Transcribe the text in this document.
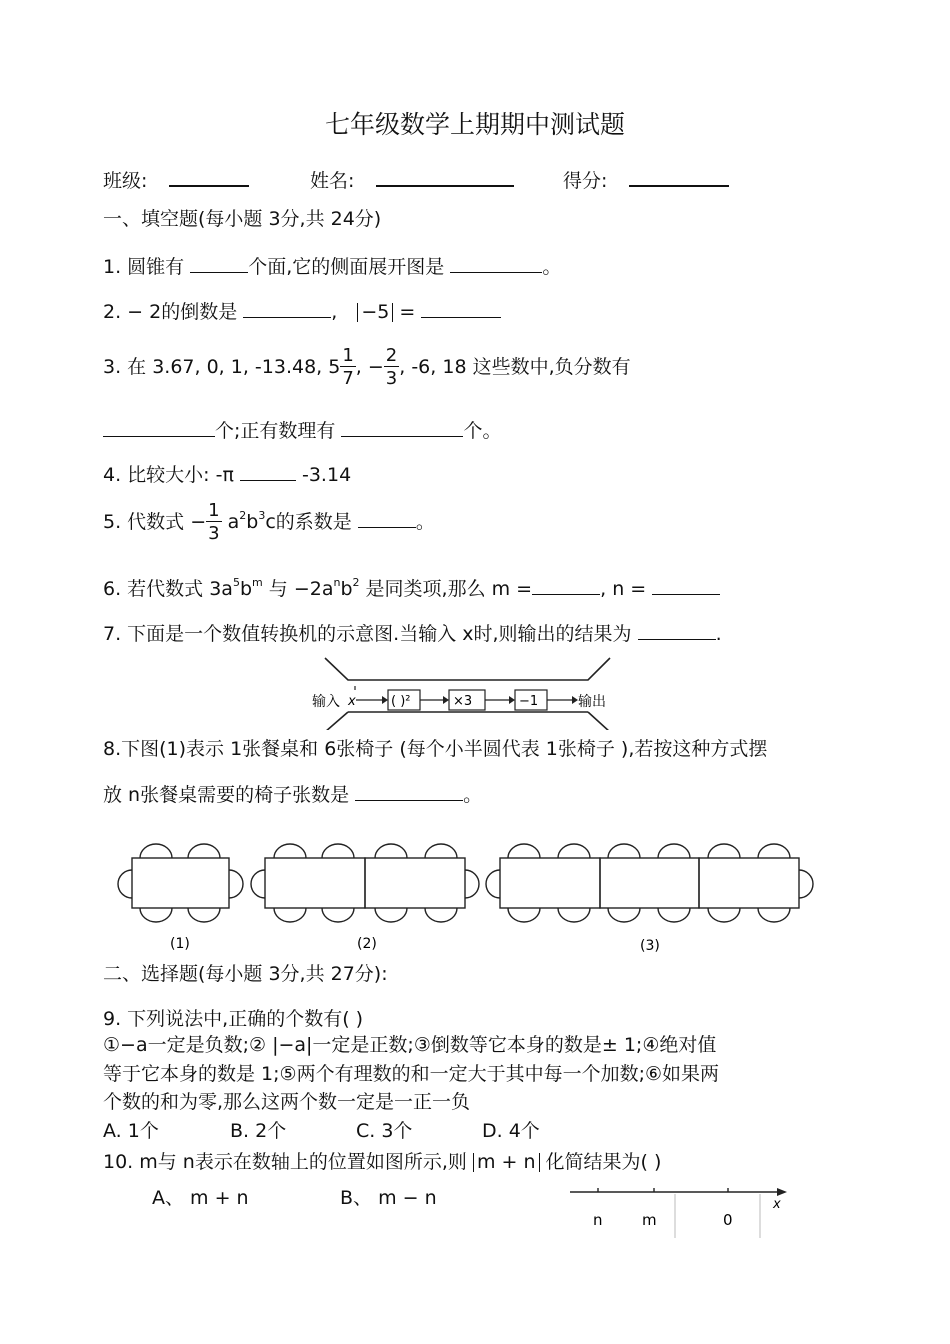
七年级数学上期期中测试题
班级:	姓名:	得分:
一、填空题(每小题 3分,共 24分)
1. 圆锥有	个面,它的侧面展开图是	。
2. − 2的倒数是	, −5 =
3. 在 3.67, 0, 1, -13.48, $5 \frac{1}{7}$ , − $\frac{2}{3}$ , -6, 18 这些数中,负分数有
个;正有数理有	个。
4. 比较大小: -π	-3.14
5. 代数式 − $\frac{1}{3} a^2b^3c$的系数是	。
6. 若代数式 $3a^5b^m$ 与 $-2a^nb^2$ 是同类项,那么 m =	, n =
7. 下面是一个数值转换机的示意图.当输入 x时,则输出的结果为	.
输入 x	( )²	×3	−1	输出
8.下图(1)表示 1张餐桌和 6张椅子 (每个小半圆代表 1张椅子 ),若按这种方式摆
放 n张餐桌需要的椅子张数是	。
(1)	(2)	(3)
二、选择题(每小题 3分,共 27分):
9. 下列说法中,正确的个数有( )
①−a一定是负数;② |−a|一定是正数;③倒数等它本身的数是± 1;④绝对值
等于它本身的数是 1;⑤两个有理数的和一定大于其中每一个加数;⑥如果两
个数的和为零,那么这两个数一定是一正一负
A. 1个	B. 2个	C. 3个	D. 4个
10. m与 n表示在数轴上的位置如图所示,则 m + n 化简结果为( )
A、 m + n	B、 m − n	x
n	m	0
